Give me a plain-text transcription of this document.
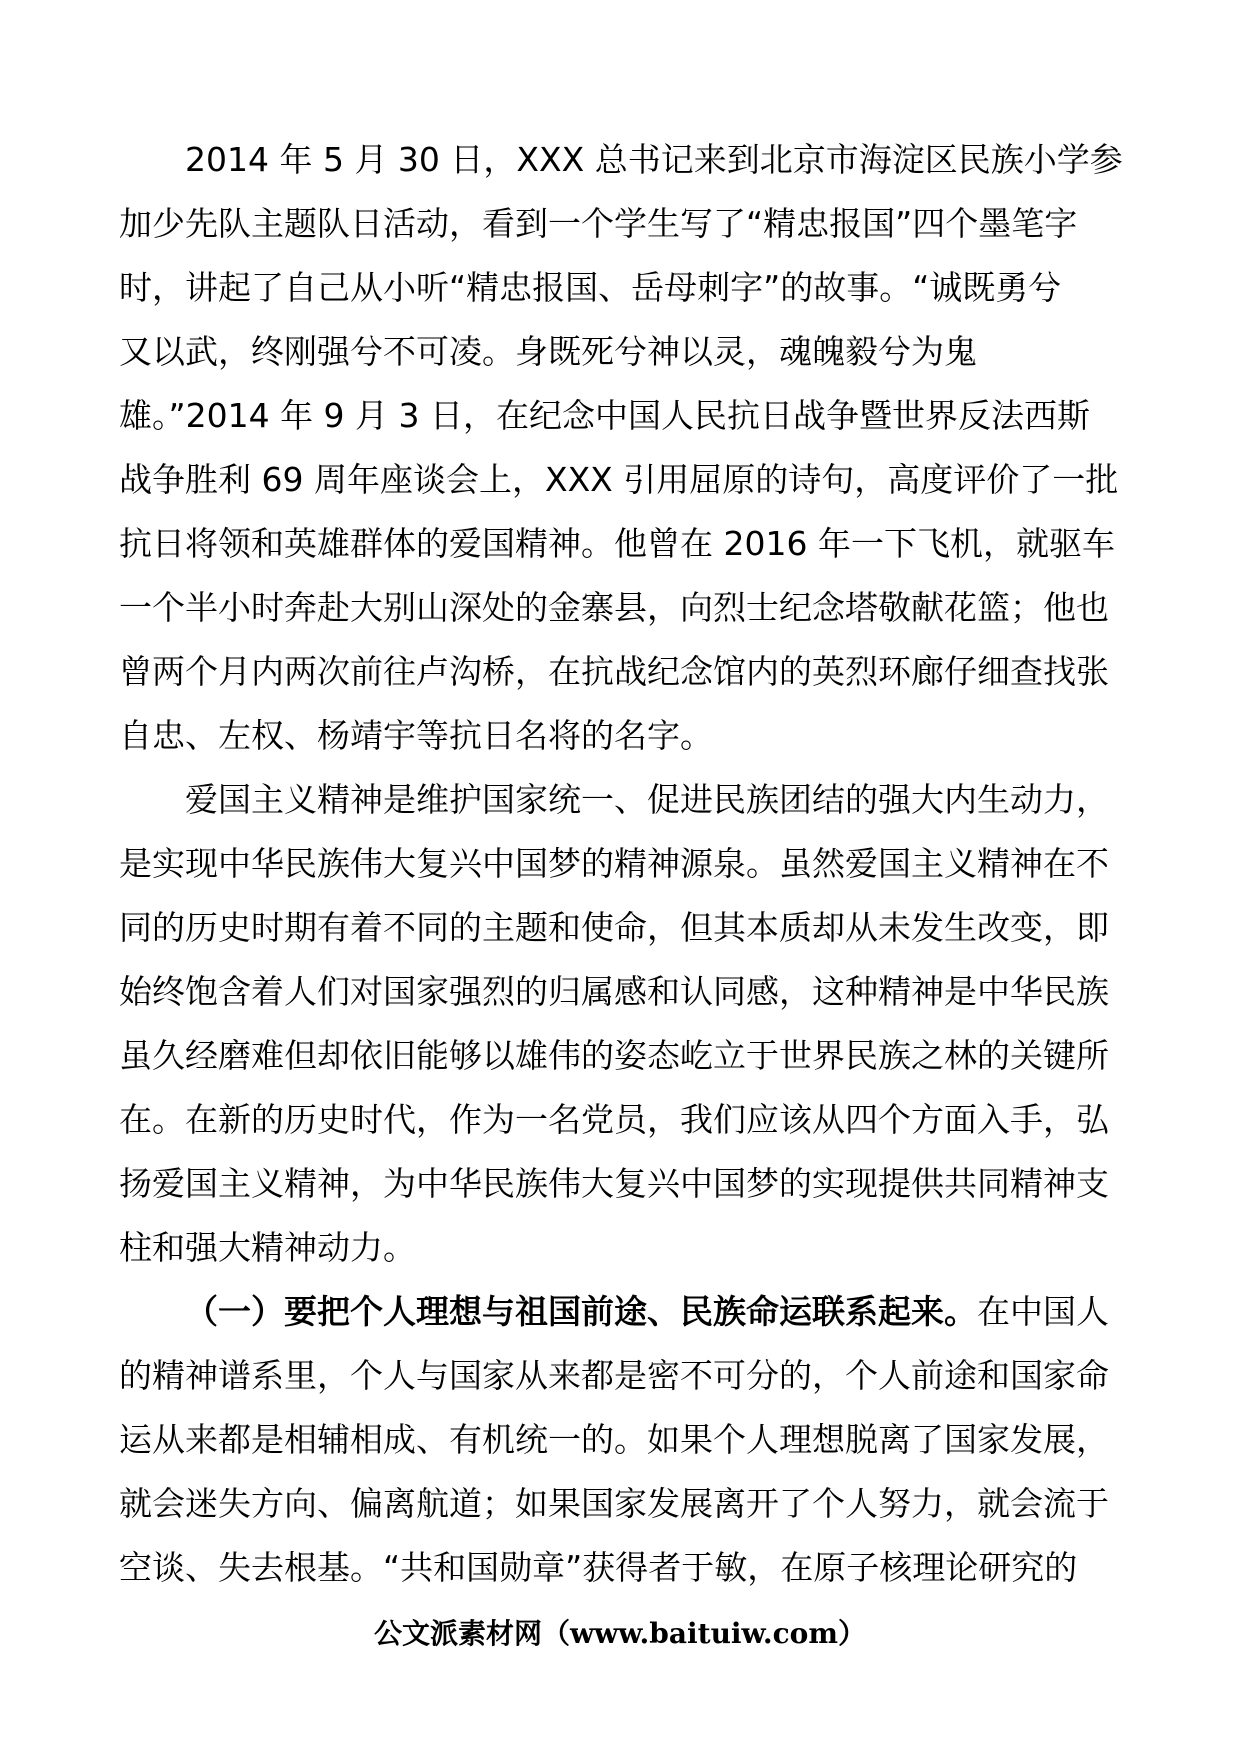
2014 年 5 月 30 日，XXX 总书记来到北京市海淀区民族小学参
加少先队主题队日活动，看到一个学生写了“精忠报国”四个墨笔字
时，讲起了自己从小听“精忠报国、岳母刺字”的故事。“诚既勇兮
又以武，终刚强兮不可凌。身既死兮神以灵，魂魄毅兮为鬼
雄。”2014 年 9 月 3 日，在纪念中国人民抗日战争暨世界反法西斯
战争胜利 69 周年座谈会上，XXX 引用屈原的诗句，高度评价了一批
抗日将领和英雄群体的爱国精神。他曾在 2016 年一下飞机，就驱车
一个半小时奔赴大别山深处的金寨县，向烈士纪念塔敬献花篮；他也
曾两个月内两次前往卢沟桥，在抗战纪念馆内的英烈环廊仔细查找张
自忠、左权、杨靖宇等抗日名将的名字。
爱国主义精神是维护国家统一、促进民族团结的强大内生动力，
是实现中华民族伟大复兴中国梦的精神源泉。虽然爱国主义精神在不
同的历史时期有着不同的主题和使命，但其本质却从未发生改变，即
始终饱含着人们对国家强烈的归属感和认同感，这种精神是中华民族
虽久经磨难但却依旧能够以雄伟的姿态屹立于世界民族之林的关键所
在。在新的历史时代，作为一名党员，我们应该从四个方面入手，弘
扬爱国主义精神，为中华民族伟大复兴中国梦的实现提供共同精神支
柱和强大精神动力。
（一）要把个人理想与祖国前途、民族命运联系起来。在中国人
的精神谱系里，个人与国家从来都是密不可分的，个人前途和国家命
运从来都是相辅相成、有机统一的。如果个人理想脱离了国家发展，
就会迷失方向、偏离航道；如果国家发展离开了个人努力，就会流于
空谈、失去根基。“共和国勋章”获得者于敏，在原子核理论研究的
公文派素材网（www.baituiw.com）
